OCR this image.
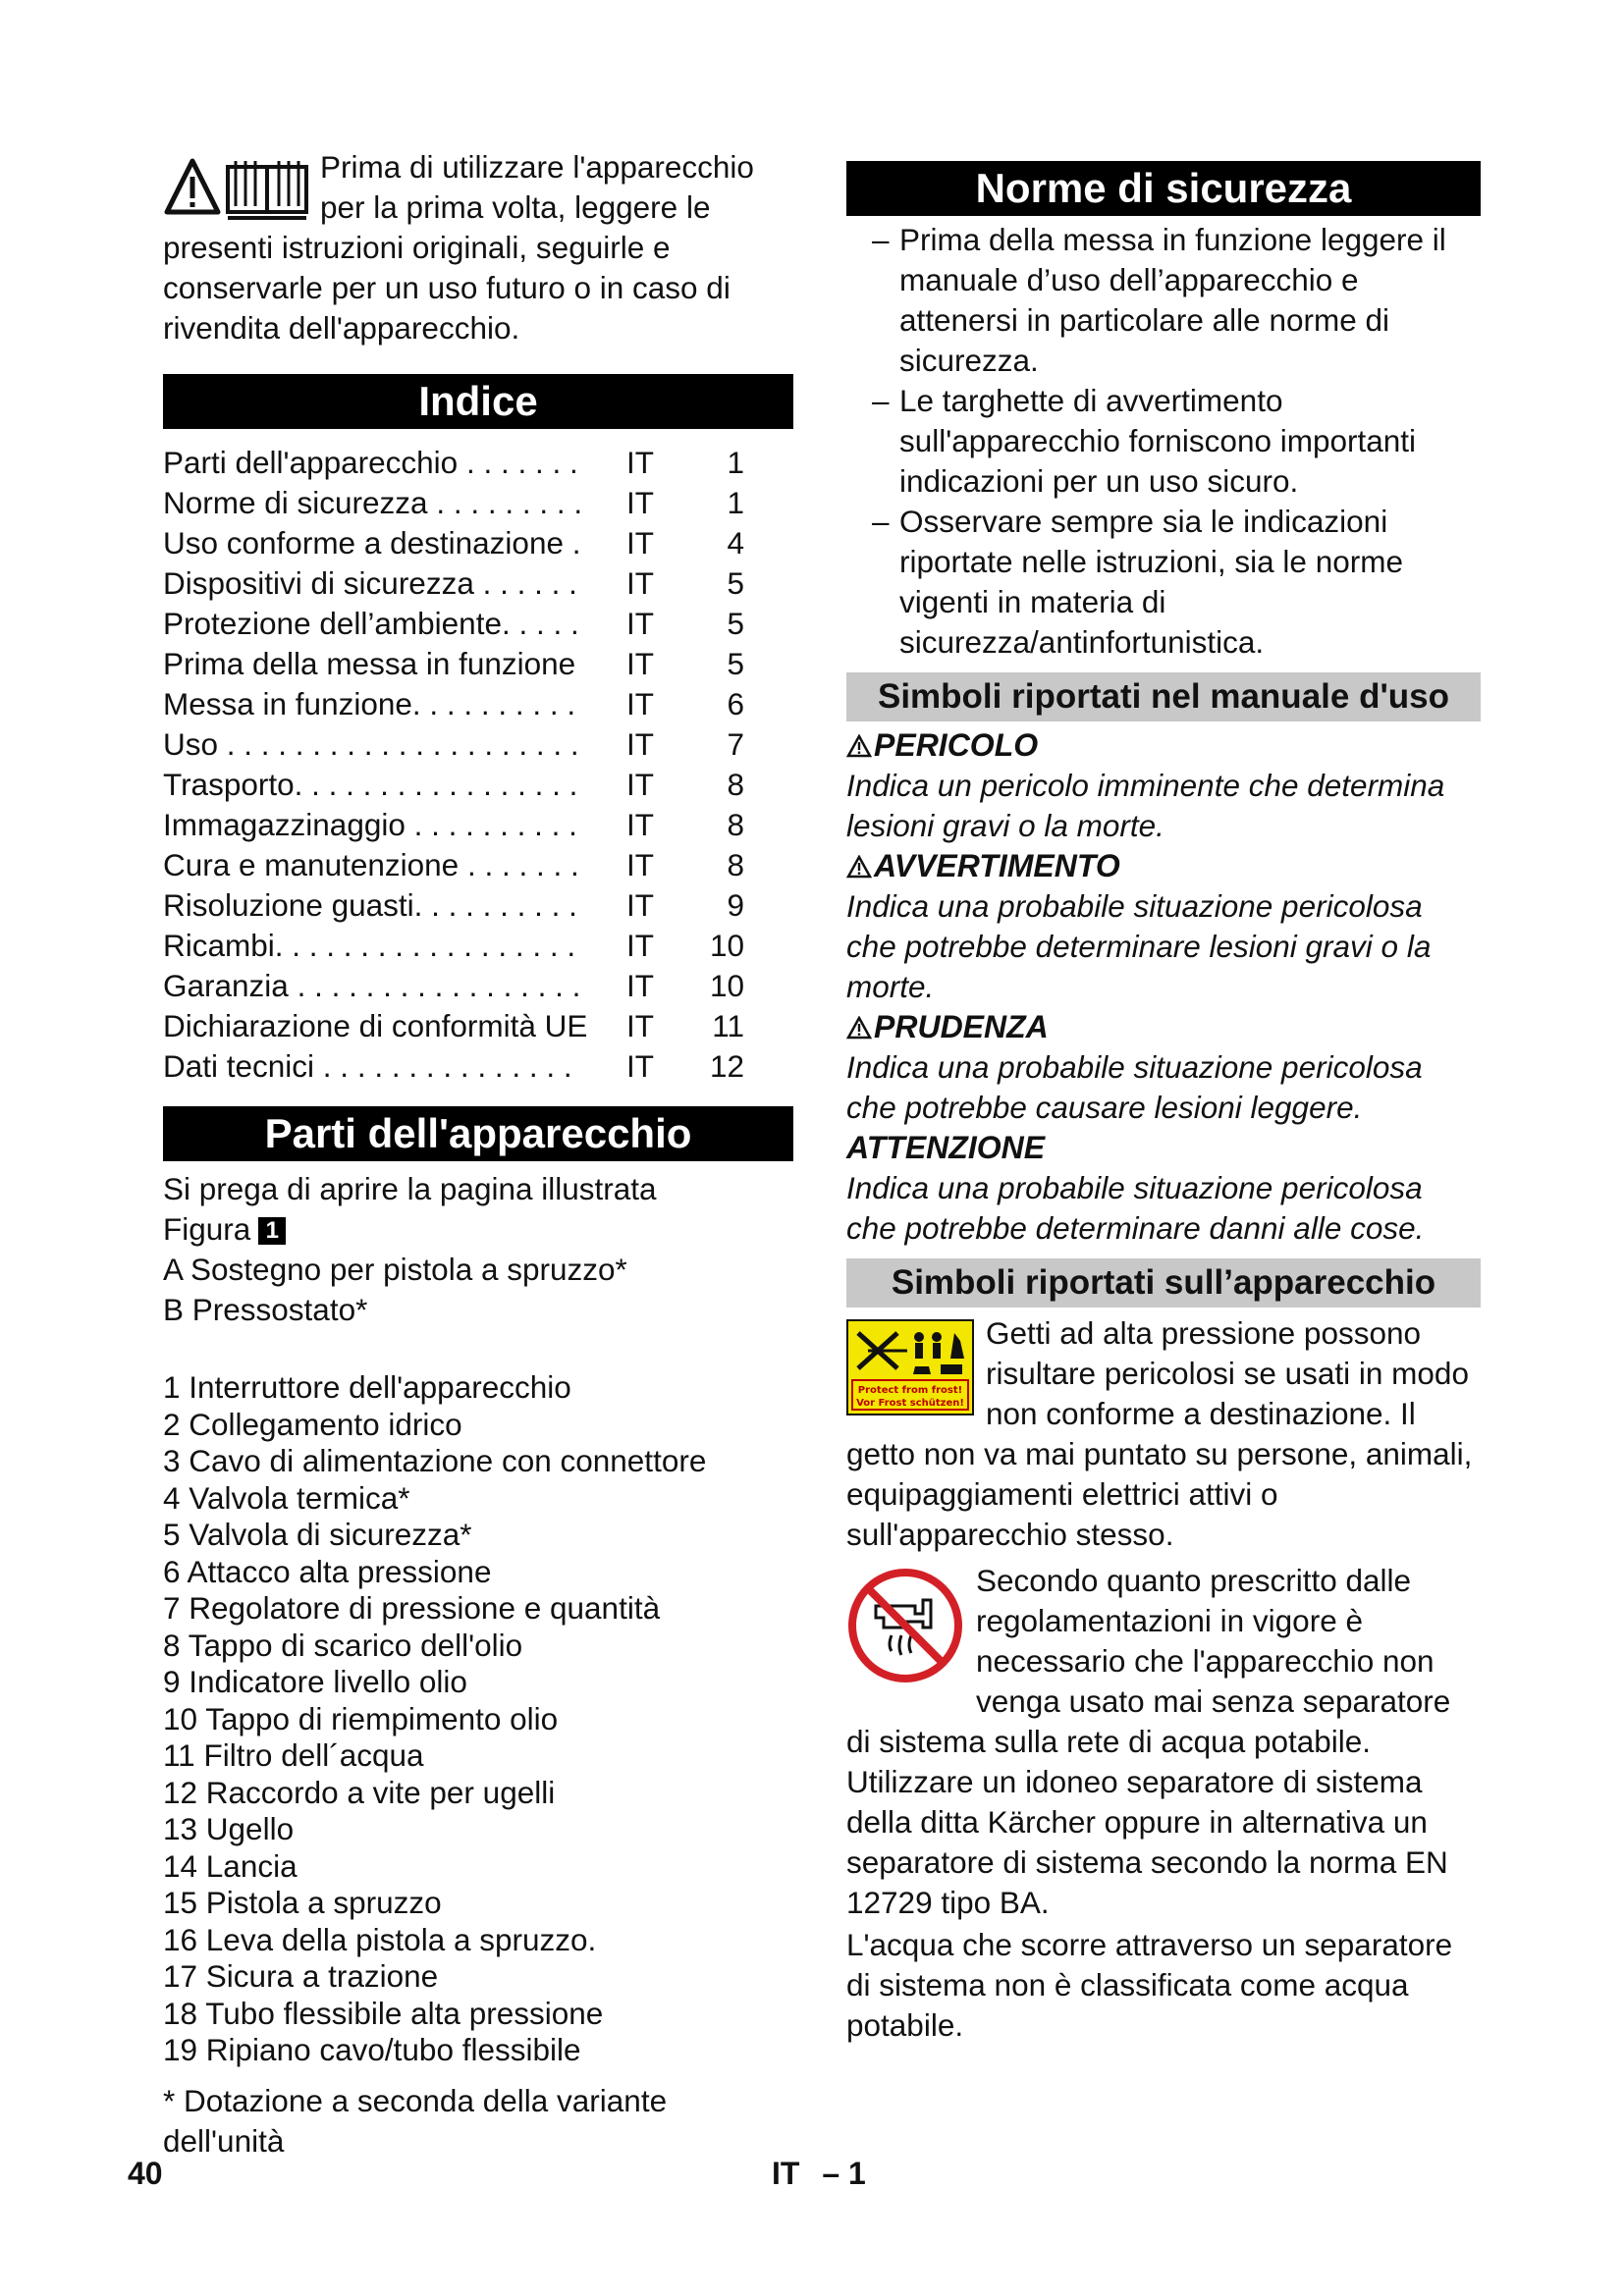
Prima di utilizzare l'apparecchio per la prima volta, leggere le presenti istruzioni originali, seguirle e conservarle per un uso futuro o in caso di rivendita dell'apparecchio.

Indice
Parti dell'apparecchio . . . . . . .	IT	1
Norme di sicurezza . . . . . . . . .	IT	1
Uso conforme a destinazione .	IT	4
Dispositivi di sicurezza . . . . . .	IT	5
Protezione dell’ambiente. . . . .	IT	5
Prima della messa in funzione	IT	5
Messa in funzione. . . . . . . . . .	IT	6
Uso . . . . . . . . . . . . . . . . . . . . .	IT	7
Trasporto. . . . . . . . . . . . . . . . .	IT	8
Immagazzinaggio . . . . . . . . . .	IT	8
Cura e manutenzione . . . . . . .	IT	8
Risoluzione guasti. . . . . . . . . .	IT	9
Ricambi. . . . . . . . . . . . . . . . . .	IT	10
Garanzia . . . . . . . . . . . . . . . . .	IT	10
Dichiarazione di conformità UE	IT	11
Dati tecnici . . . . . . . . . . . . . . .	IT	12
Parti dell'apparecchio

Si prega di aprire la pagina illustrata

Figura 1

A Sostegno per pistola a spruzzo*

B Pressostato*

1 Interruttore dell'apparecchio

2 Collegamento idrico

3 Cavo di alimentazione con connettore

4 Valvola termica*

5 Valvola di sicurezza*

6 Attacco alta pressione

7 Regolatore di pressione e quantità

8 Tappo di scarico dell'olio

9 Indicatore livello olio

10 Tappo di riempimento olio

11 Filtro dell´acqua

12 Raccordo a vite per ugelli

13 Ugello

14 Lancia

15 Pistola a spruzzo

16 Leva della pistola a spruzzo.

17 Sicura a trazione

18 Tubo flessibile alta pressione

19 Ripiano cavo/tubo flessibile

* Dotazione a seconda della variante dell'unità

Norme di sicurezza

–Prima della messa in funzione leggere il manuale d’uso dell’apparecchio e attenersi in particolare alle norme di sicurezza.

–Le targhette di avvertimento sull'apparecchio forniscono importanti indicazioni per un uso sicuro.

–Osservare sempre sia le indicazioni riportate nelle istruzioni, sia le norme vigenti in materia di sicurezza/antinfortunistica.

Simboli riportati nel manuale d'uso

PERICOLO

Indica un pericolo imminente che determina lesioni gravi o la morte.

AVVERTIMENTO

Indica una probabile situazione pericolosa che potrebbe determinare lesioni gravi o la morte.

PRUDENZA

Indica una probabile situazione pericolosa che potrebbe causare lesioni leggere.

ATTENZIONE

Indica una probabile situazione pericolosa che potrebbe determinare danni alle cose.

Simboli riportati sull’apparecchio
Protect from frost!
Vor Frost schützen!

Getti ad alta pressione possono risultare pericolosi se usati in modo non conforme a destinazione. Il getto non va mai puntato su persone, animali, equipaggiamenti elettrici attivi o sull'apparecchio stesso.

Secondo quanto prescritto dalle regolamentazioni in vigore è necessario che l'apparecchio non venga usato mai senza separatore di sistema sulla rete di acqua potabile. Utilizzare un idoneo separatore di sistema della ditta Kärcher oppure in alternativa un separatore di sistema secondo la norma EN 12729 tipo BA.

L'acqua che scorre attraverso un separatore di sistema non è classificata come acqua potabile.

40	IT – 1
